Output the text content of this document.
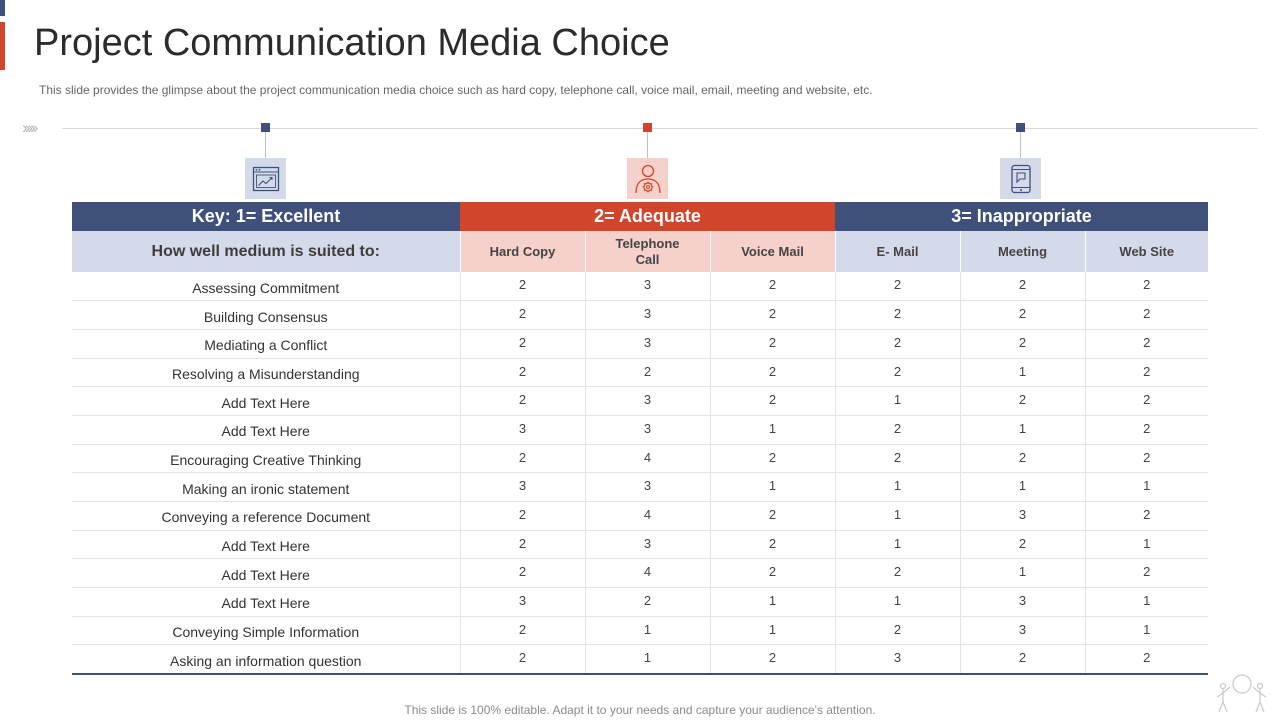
Project Communication Media Choice

This slide provides the glimpse about the project communication media choice such as hard copy, telephone call, voice mail, email, meeting and website, etc.

›››››
Key: 1= Excellent	2= Adequate			3= Inappropriate		
How well medium is suited to:	Hard Copy	Telephone Call	Voice Mail	E- Mail	Meeting	Web Site
Assessing Commitment	2	3	2	2	2	2
Building Consensus	2	3	2	2	2	2
Mediating a Conflict	2	3	2	2	2	2
Resolving a Misunderstanding	2	2	2	2	1	2
Add Text Here	2	3	2	1	2	2
Add Text Here	3	3	1	2	1	2
Encouraging Creative Thinking	2	4	2	2	2	2
Making an ironic statement	3	3	1	1	1	1
Conveying a reference Document	2	4	2	1	3	2
Add Text Here	2	3	2	1	2	1
Add Text Here	2	4	2	2	1	2
Add Text Here	3	2	1	1	3	1
Conveying Simple Information	2	1	1	2	3	1
Asking an information question	2	1	2	3	2	2
This slide is 100% editable. Adapt it to your needs and capture your audience's attention.
